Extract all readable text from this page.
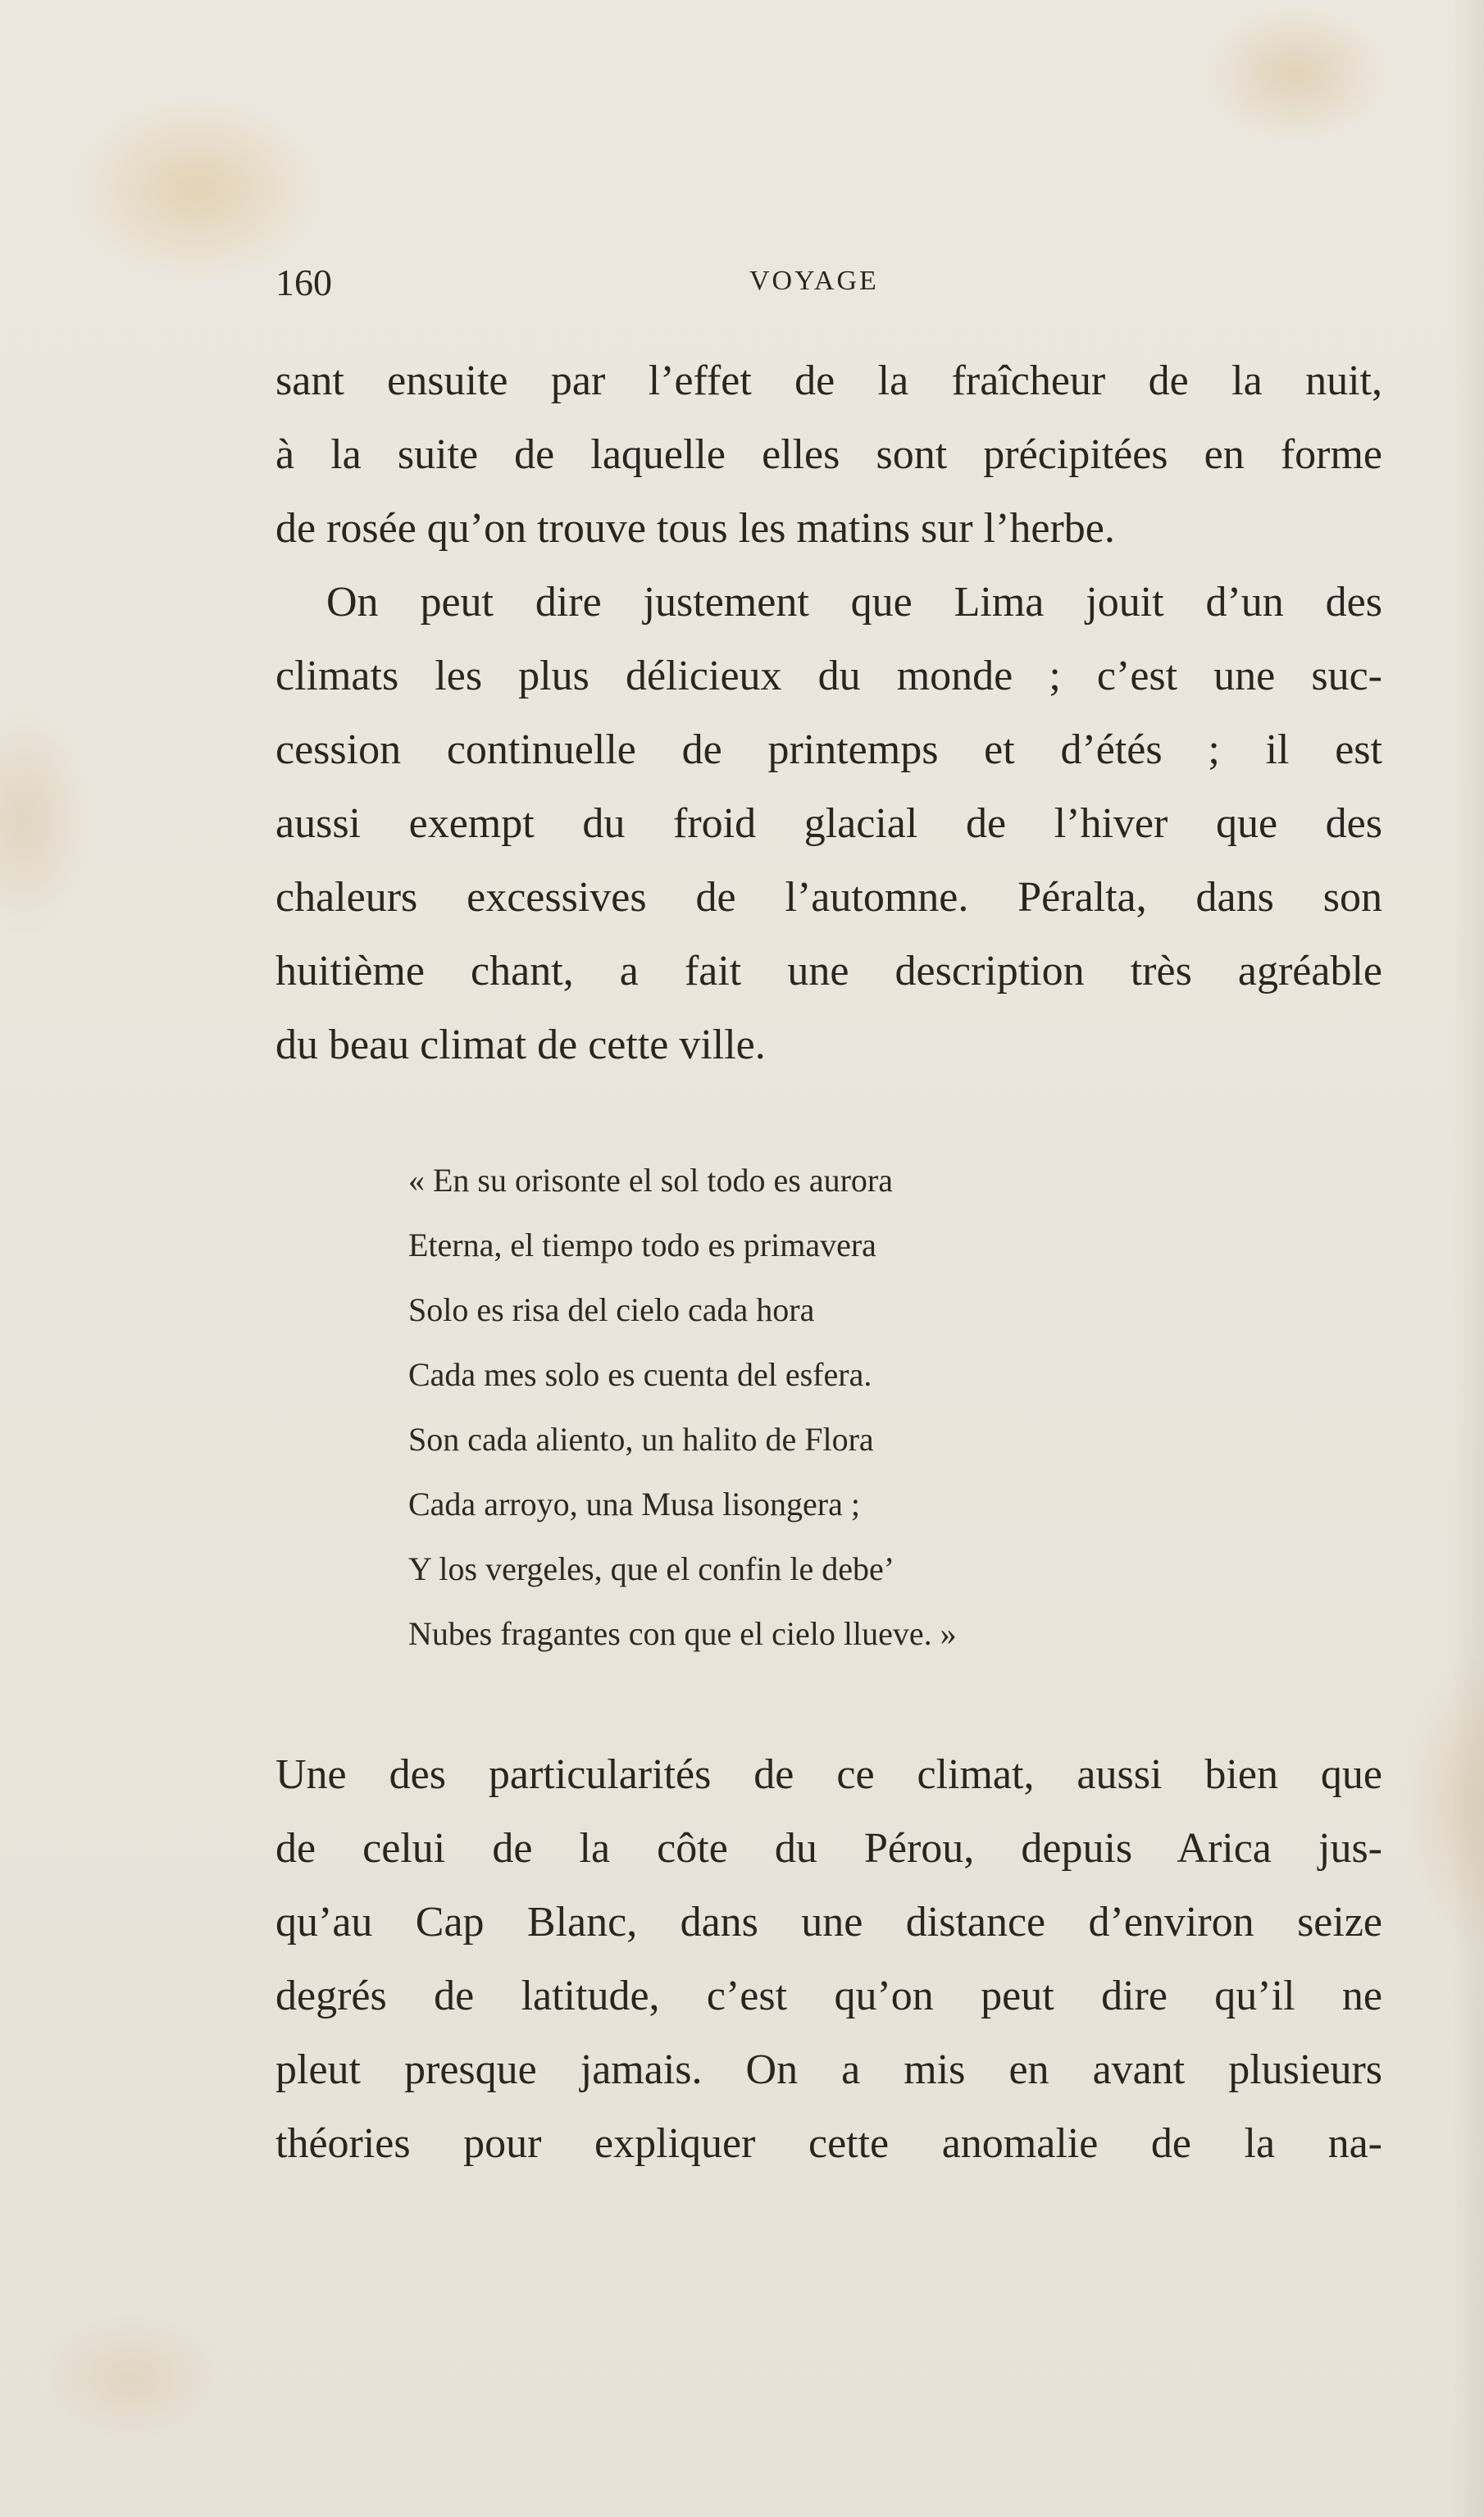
160	VOYAGE
sant ensuite par l’effet de la fraîcheur de la nuit,
à la suite de laquelle elles sont précipitées en forme
de rosée qu’on trouve tous les matins sur l’herbe.
On peut dire justement que Lima jouit d’un des
climats les plus délicieux du monde ; c’est une suc-
cession continuelle de printemps et d’étés ; il est
aussi exempt du froid glacial de l’hiver que des
chaleurs excessives de l’automne. Péralta, dans son
huitième chant, a fait une description très agréable
du beau climat de cette ville.
« En su orisonte el sol todo es aurora
Eterna, el tiempo todo es primavera
Solo es risa del cielo cada hora
Cada mes solo es cuenta del esfera.
Son cada aliento, un halito de Flora
Cada arroyo, una Musa lisongera ;
Y los vergeles, que el confin le debe’
Nubes fragantes con que el cielo llueve. »
Une des particularités de ce climat, aussi bien que
de celui de la côte du Pérou, depuis Arica jus-
qu’au Cap Blanc, dans une distance d’environ seize
degrés de latitude, c’est qu’on peut dire qu’il ne
pleut presque jamais. On a mis en avant plusieurs
théories pour expliquer cette anomalie de la na-
